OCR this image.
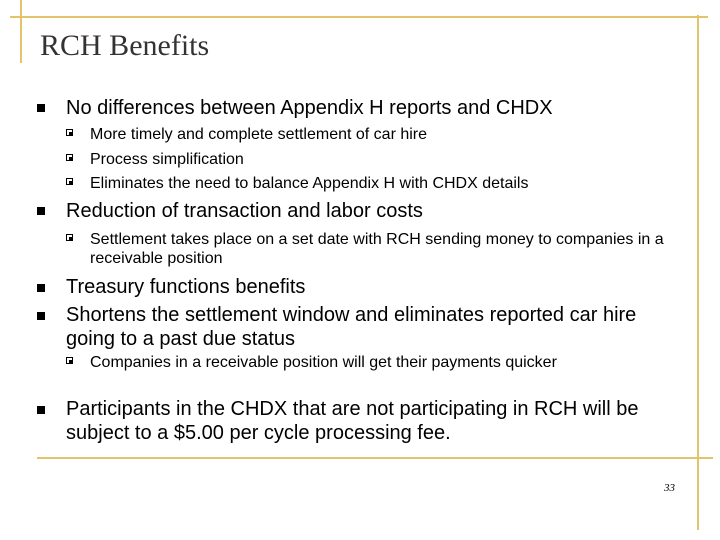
RCH Benefits

No differences between Appendix H reports and CHDX

More timely and complete settlement of car hire

Process simplification

Eliminates the need to balance Appendix H with CHDX details

Reduction of transaction and labor costs

Settlement takes place on a set date with RCH sending money to companies in a receivable position

Treasury functions benefits

Shortens the settlement window and eliminates reported car hire going to a past due status

Companies in a receivable position will get their payments quicker

Participants in the CHDX that are not participating in RCH will be subject to a $5.00 per cycle processing fee.

33
